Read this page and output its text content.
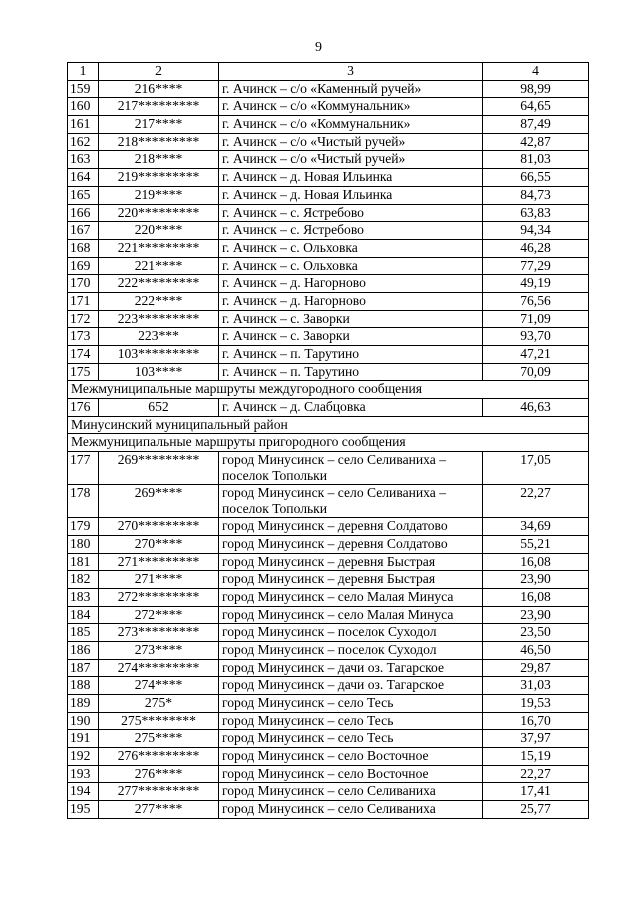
9
1	2	3	4
159	216****	г. Ачинск – с/о «Каменный ручей»	98,99
160	217*********	г. Ачинск – с/о «Коммунальник»	64,65
161	217****	г. Ачинск – с/о «Коммунальник»	87,49
162	218*********	г. Ачинск – с/о «Чистый ручей»	42,87
163	218****	г. Ачинск – с/о «Чистый ручей»	81,03
164	219*********	г. Ачинск – д. Новая Ильинка	66,55
165	219****	г. Ачинск – д. Новая Ильинка	84,73
166	220*********	г. Ачинск – с. Ястребово	63,83
167	220****	г. Ачинск – с. Ястребово	94,34
168	221*********	г. Ачинск – с. Ольховка	46,28
169	221****	г. Ачинск – с. Ольховка	77,29
170	222*********	г. Ачинск – д. Нагорново	49,19
171	222****	г. Ачинск – д. Нагорново	76,56
172	223*********	г. Ачинск – с. Заворки	71,09
173	223***	г. Ачинск – с. Заворки	93,70
174	103*********	г. Ачинск – п. Тарутино	47,21
175	103****	г. Ачинск – п. Тарутино	70,09
Межмуниципальные маршруты междугородного сообщения			
176	652	г. Ачинск – д. Слабцовка	46,63
Минусинский муниципальный район			
Межмуниципальные маршруты пригородного сообщения			
177	269*********	город Минусинск – село Селиваниха – поселок Топольки	17,05
178	269****	город Минусинск – село Селиваниха – поселок Топольки	22,27
179	270*********	город Минусинск – деревня Солдатово	34,69
180	270****	город Минусинск – деревня Солдатово	55,21
181	271*********	город Минусинск – деревня Быстрая	16,08
182	271****	город Минусинск – деревня Быстрая	23,90
183	272*********	город Минусинск – село Малая Минуса	16,08
184	272****	город Минусинск – село Малая Минуса	23,90
185	273*********	город Минусинск – поселок Суходол	23,50
186	273****	город Минусинск – поселок Суходол	46,50
187	274*********	город Минусинск – дачи оз. Тагарское	29,87
188	274****	город Минусинск – дачи оз. Тагарское	31,03
189	275*	город Минусинск – село Тесь	19,53
190	275********	город Минусинск – село Тесь	16,70
191	275****	город Минусинск – село Тесь	37,97
192	276*********	город Минусинск – село Восточное	15,19
193	276****	город Минусинск – село Восточное	22,27
194	277*********	город Минусинск – село Селиваниха	17,41
195	277****	город Минусинск – село Селиваниха	25,77
